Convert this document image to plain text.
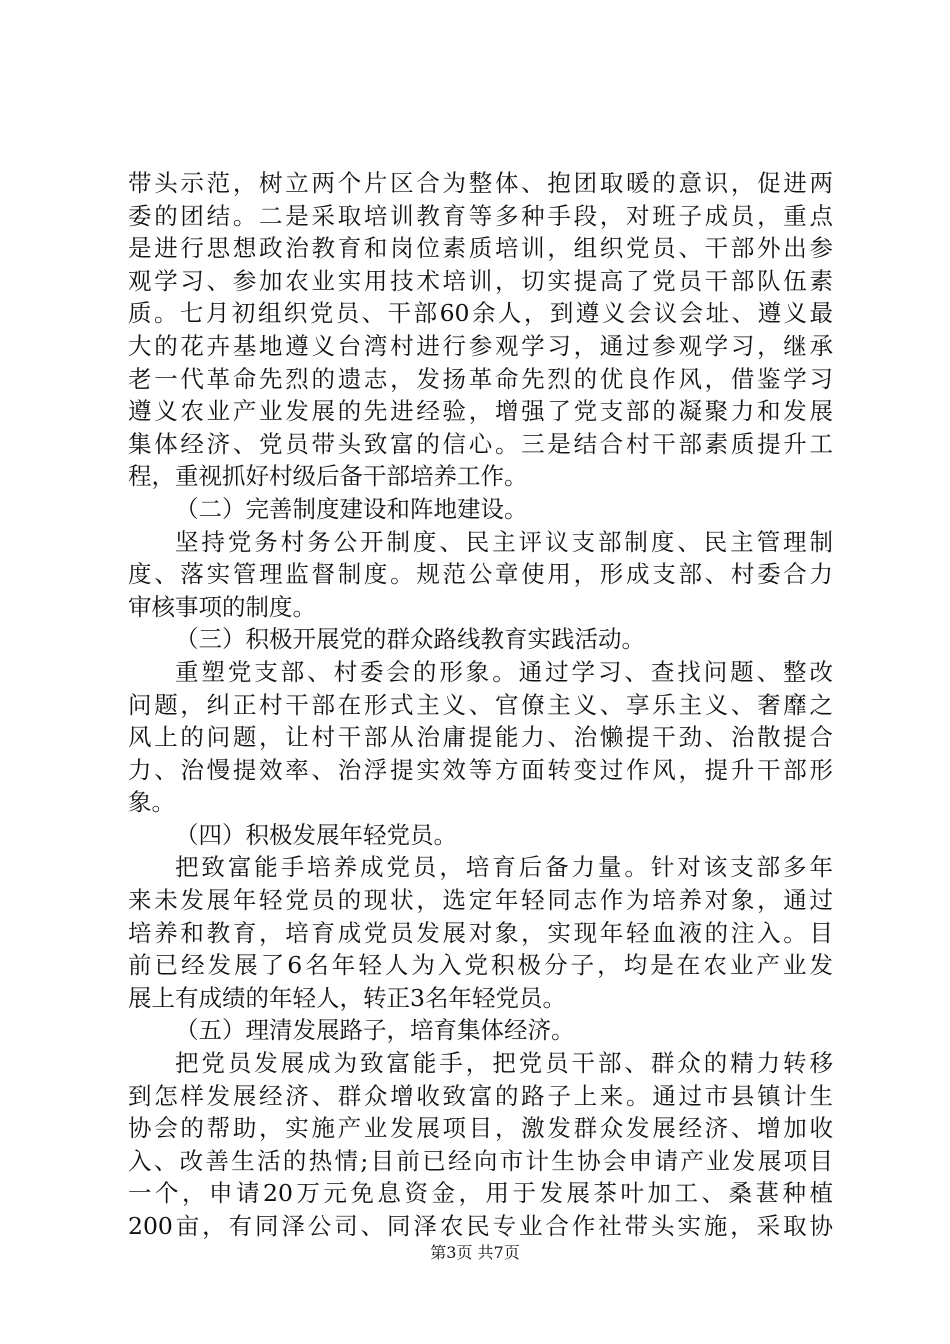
带头示范，树立两个片区合为整体、抱团取暖的意识，促进两
委的团结。二是采取培训教育等多种手段，对班子成员，重点
是进行思想政治教育和岗位素质培训，组织党员、干部外出参
观学习、参加农业实用技术培训，切实提高了党员干部队伍素
质。七月初组织党员、干部60余人，到遵义会议会址、遵义最
大的花卉基地遵义台湾村进行参观学习，通过参观学习，继承
老一代革命先烈的遗志，发扬革命先烈的优良作风，借鉴学习
遵义农业产业发展的先进经验，增强了党支部的凝聚力和发展
集体经济、党员带头致富的信心。三是结合村干部素质提升工
程，重视抓好村级后备干部培养工作。
（二）完善制度建设和阵地建设。
坚持党务村务公开制度、民主评议支部制度、民主管理制
度、落实管理监督制度。规范公章使用，形成支部、村委合力
审核事项的制度。
（三）积极开展党的群众路线教育实践活动。
重塑党支部、村委会的形象。通过学习、查找问题、整改
问题，纠正村干部在形式主义、官僚主义、享乐主义、奢靡之
风上的问题，让村干部从治庸提能力、治懒提干劲、治散提合
力、治慢提效率、治浮提实效等方面转变过作风，提升干部形
象。
（四）积极发展年轻党员。
把致富能手培养成党员，培育后备力量。针对该支部多年
来未发展年轻党员的现状，选定年轻同志作为培养对象，通过
培养和教育，培育成党员发展对象，实现年轻血液的注入。目
前已经发展了6名年轻人为入党积极分子，均是在农业产业发
展上有成绩的年轻人，转正3名年轻党员。
（五）理清发展路子，培育集体经济。
把党员发展成为致富能手，把党员干部、群众的精力转移
到怎样发展经济、群众增收致富的路子上来。通过市县镇计生
协会的帮助，实施产业发展项目，激发群众发展经济、增加收
入、改善生活的热情;目前已经向市计生协会申请产业发展项目
一个，申请20万元免息资金，用于发展茶叶加工、桑葚种植
200亩，有同泽公司、同泽农民专业合作社带头实施，采取协
第3页 共7页
